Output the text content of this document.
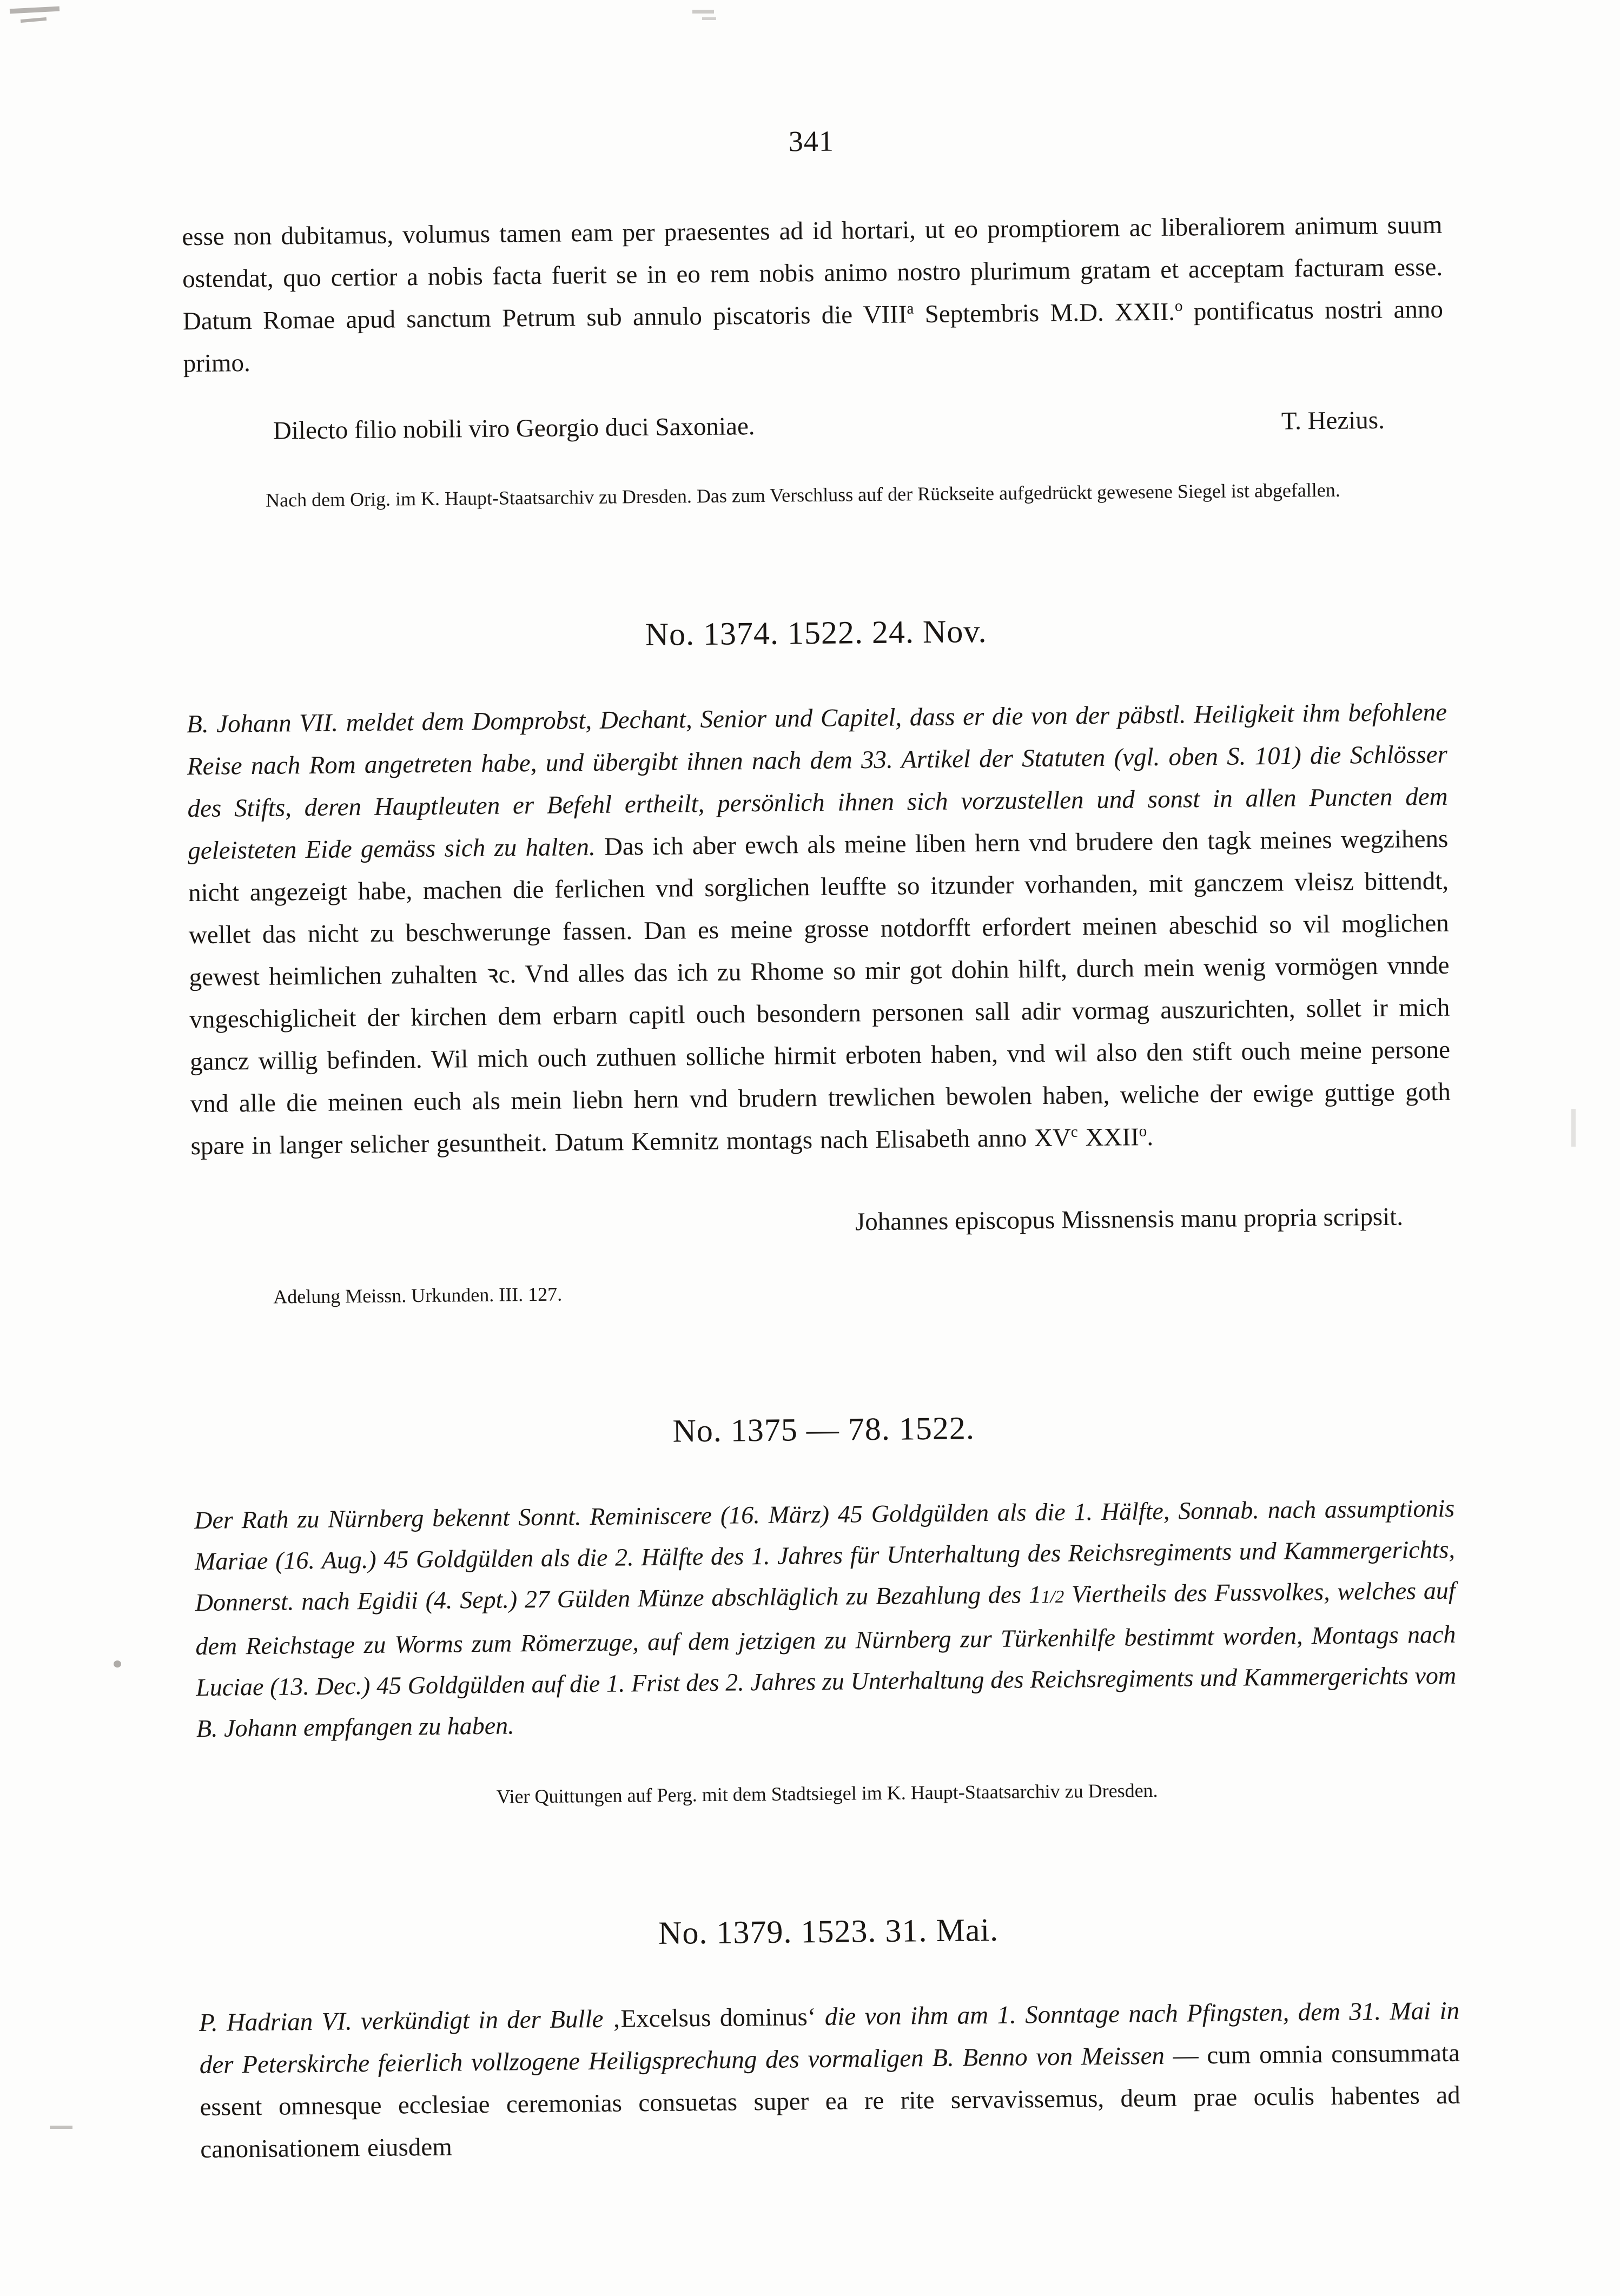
341

esse non dubitamus, volumus tamen eam per praesentes ad id hortari, ut eo promptiorem ac liberaliorem animum suum ostendat, quo certior a nobis facta fuerit se in eo rem nobis animo nostro plurimum gratam et acceptam facturam esse. Datum Romae apud sanctum Petrum sub annulo piscatoris die VIII$^a$ Septembris M.D. XXII.$^o$ pontificatus nostri anno primo.

Dilecto filio nobili viro Georgio duci Saxoniae.	T. Hezius.

Nach dem Orig. im K. Haupt-Staatsarchiv zu Dresden. Das zum Verschluss auf der Rückseite aufgedrückt gewesene Siegel ist abgefallen.

No. 1374. 1522. 24. Nov.

B. Johann VII. meldet dem Domprobst, Dechant, Senior und Capitel, dass er die von der päbstl. Heiligkeit ihm befohlene Reise nach Rom angetreten habe, und übergibt ihnen nach dem 33. Artikel der Statuten (vgl. oben S. 101) die Schlösser des Stifts, deren Hauptleuten er Befehl ertheilt, persönlich ihnen sich vorzustellen und sonst in allen Puncten dem geleisteten Eide gemäss sich zu halten. Das ich aber ewch als meine liben hern vnd brudere den tagk meines wegzihens nicht angezeigt habe, machen die ferlichen vnd sorglichen leuffte so itzunder vorhanden, mit ganczem vleisz bittendt, wellet das nicht zu beschwerunge fassen. Dan es meine grosse notdorfft erfordert meinen abeschid so vil moglichen gewest heimlichen zuhalten ꝛc. Vnd alles das ich zu Rhome so mir got dohin hilft, durch mein wenig vormögen vnnde vngeschiglicheit der kirchen dem erbarn capitl ouch besondern personen sall adir vormag auszurichten, sollet ir mich gancz willig befinden. Wil mich ouch zuthuen solliche hirmit erboten haben, vnd wil also den stift ouch meine persone vnd alle die meinen euch als mein liebn hern vnd brudern trewlichen bewolen haben, weliche der ewige guttige goth spare in langer selicher gesuntheit. Datum Kemnitz montags nach Elisabeth anno $XV^c$ XXII$^o$.

Johannes episcopus Missnensis manu propria scripsit.

Adelung Meissn. Urkunden. III. 127.

No. 1375 — 78. 1522.

Der Rath zu Nürnberg bekennt Sonnt. Reminiscere (16. März) 45 Goldgülden als die 1. Hälfte, Sonnab. nach assumptionis Mariae (16. Aug.) 45 Goldgülden als die 2. Hälfte des 1. Jahres für Unterhaltung des Reichsregiments und Kammergerichts, Donnerst. nach Egidii (4. Sept.) 27 Gülden Münze abschläglich zu Bezahlung des 11/2 Viertheils des Fussvolkes, welches auf dem Reichstage zu Worms zum Römerzuge, auf dem jetzigen zu Nürnberg zur Türkenhilfe bestimmt worden, Montags nach Luciae (13. Dec.) 45 Goldgülden auf die 1. Frist des 2. Jahres zu Unterhaltung des Reichsregiments und Kammergerichts vom B. Johann empfangen zu haben.

Vier Quittungen auf Perg. mit dem Stadtsiegel im K. Haupt-Staatsarchiv zu Dresden.

No. 1379. 1523. 31. Mai.

P. Hadrian VI. verkündigt in der Bulle ‚Excelsus dominus‘ die von ihm am 1. Sonntage nach Pfingsten, dem 31. Mai in der Peterskirche feierlich vollzogene Heiligsprechung des vormaligen B. Benno von Meissen — cum omnia consummata essent omnesque ecclesiae ceremonias consuetas super ea re rite servavissemus, deum prae oculis habentes ad canonisationem eiusdem
